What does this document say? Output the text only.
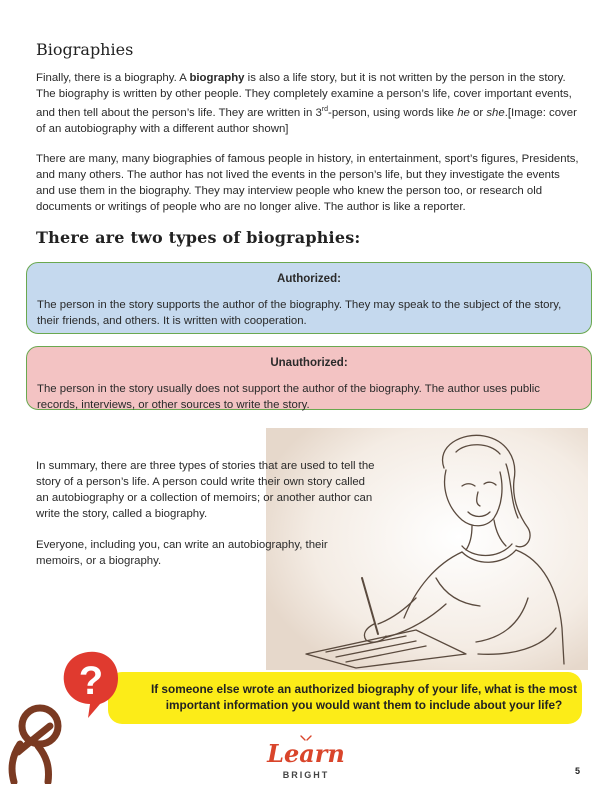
Biographies

Finally, there is a biography. A biography is also a life story, but it is not written by the person in the story. The biography is written by other people. They completely examine a person’s life, cover important events, and then tell about the person’s life. They are written in 3rd-person, using words like he or she.[Image: cover of an autobiography with a different author shown]

There are many, many biographies of famous people in history, in entertainment, sport’s figures, Presidents, and many others. The author has not lived the events in the person’s life, but they investigate the events and use them in the biography. They may interview people who knew the person too, or research old documents or writings of people who are no longer alive. The author is like a reporter.

There are two types of biographies:
Authorized:
The person in the story supports the author of the biography. They may speak to the subject of the story, their friends, and others. It is written with cooperation.
Unauthorized:
The person in the story usually does not support the author of the biography. The author uses public records, interviews, or other sources to write the story.

In summary, there are three types of stories that are used to tell the story of a person’s life. A person could write their own story called an autobiography or a collection of memoirs; or another author can write the story, called a biography.

Everyone, including you, can write an autobiography, their memoirs, or a biography.

If someone else wrote an authorized biography of your life, what is the most important information you would want them to include about your life?
?
Learn
BRIGHT	5
